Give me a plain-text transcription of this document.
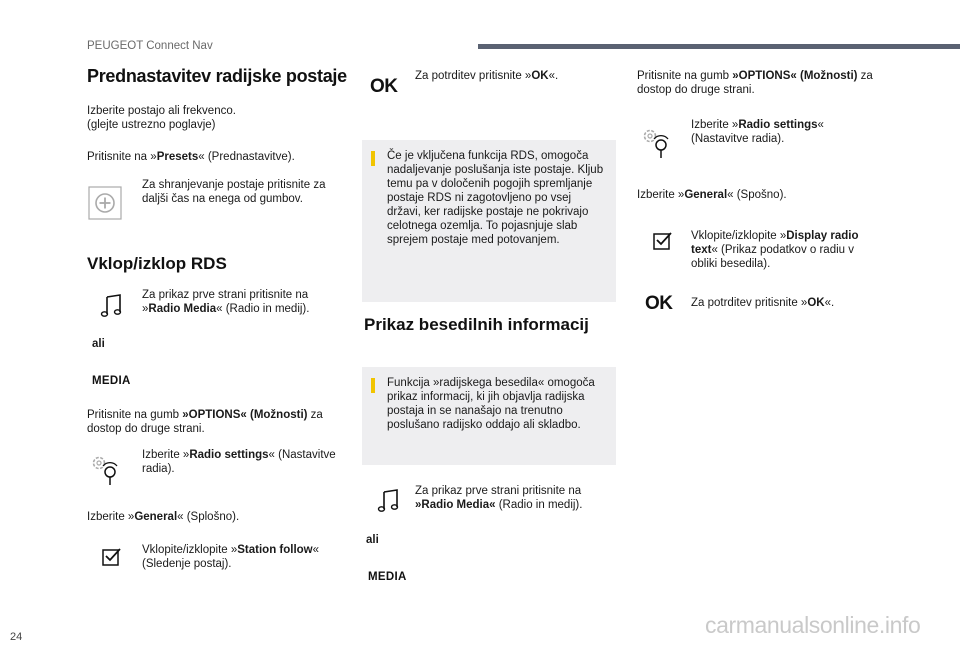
PEUGEOT Connect Nav
Prednastavitev radijske postaje
Izberite postajo ali frekvenco.
(glejte ustrezno poglavje)
Pritisnite na »Presets« (Prednastavitve).
Za shranjevanje postaje pritisnite za daljši čas na enega od gumbov.
Vklop/izklop RDS
Za prikaz prve strani pritisnite na »Radio Media« (Radio in medij).
ali
MEDIA
Pritisnite na gumb »OPTIONS« (Možnosti) za dostop do druge strani.
Izberite »Radio settings« (Nastavitve radia).
Izberite »General« (Splošno).
Vklopite/izklopite »Station follow« (Sledenje postaj).
OK Za potrditev pritisnite »OK«.
Če je vključena funkcija RDS, omogoča nadaljevanje poslušanja iste postaje. Kljub temu pa v določenih pogojih spremljanje postaje RDS ni zagotovljeno po vsej državi, ker radijske postaje ne pokrivajo celotnega ozemlja. To pojasnjuje slab sprejem postaje med potovanjem.
Prikaz besedilnih informacij
Funkcija »radijskega besedila« omogoča prikaz informacij, ki jih objavlja radijska postaja in se nanašajo na trenutno poslušano radijsko oddajo ali skladbo.
Za prikaz prve strani pritisnite na »Radio Media« (Radio in medij).
ali
MEDIA
Pritisnite na gumb »OPTIONS« (Možnosti) za dostop do druge strani.
Izberite »Radio settings« (Nastavitve radia).
Izberite »General« (Spošno).
Vklopite/izklopite »Display radio text« (Prikaz podatkov o radiu v obliki besedila).
OK Za potrditev pritisnite »OK«.
24	carmanualsonline.info
